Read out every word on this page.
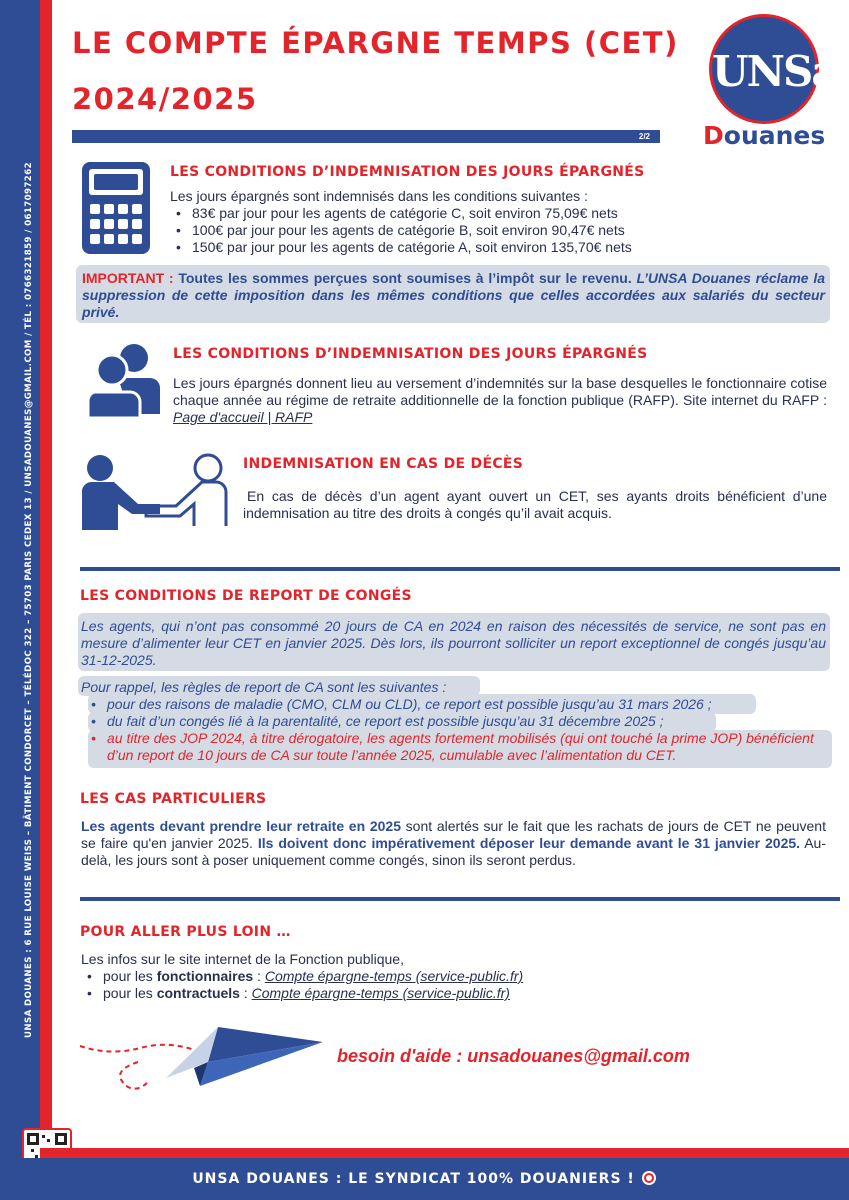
UNSA DOUANES : 6 RUE LOUISE WEISS – BÂTIMENT CONDORCET – TÉLÉDOC 322 – 75703 PARIS CEDEX 13 / UNSADOUANES@GMAIL.COM / TÉL : 0766321859 / 0617097262
LE COMPTE ÉPARGNE TEMPS (CET)
2024/2025
2/2
UNSa
Douanes
LES CONDITIONS D’INDEMNISATION DES JOURS ÉPARGNÉS
Les jours épargnés sont indemnisés dans les conditions suivantes :
• 83€ par jour pour les agents de catégorie C, soit environ 75,09€ nets
• 100€ par jour pour les agents de catégorie B, soit environ 90,47€ nets
• 150€ par jour pour les agents de catégorie A, soit environ 135,70€ nets
IMPORTANT : Toutes les sommes perçues sont soumises à l’impôt sur le revenu. L’UNSA Douanes réclame la suppression de cette imposition dans les mêmes conditions que celles accordées aux salariés du secteur privé.
LES CONDITIONS D’INDEMNISATION DES JOURS ÉPARGNÉS
Les jours épargnés donnent lieu au versement d’indemnités sur la base desquelles le fonctionnaire cotise chaque année au régime de retraite additionnelle de la fonction publique (RAFP). Site internet du RAFP : Page d'accueil | RAFP
INDEMNISATION EN CAS DE DÉCÈS
En cas de décès d’un agent ayant ouvert un CET, ses ayants droits bénéficient d’une indemnisation au titre des droits à congés qu’il avait acquis.
LES CONDITIONS DE REPORT DE CONGÉS
Les agents, qui n’ont pas consommé 20 jours de CA en 2024 en raison des nécessités de service, ne sont pas en mesure d’alimenter leur CET en janvier 2025. Dès lors, ils pourront solliciter un report exceptionnel de congés jusqu’au 31-12-2025.
Pour rappel, les règles de report de CA sont les suivantes :
• pour des raisons de maladie (CMO, CLM ou CLD), ce report est possible jusqu’au 31 mars 2026 ;
• du fait d’un congés lié à la parentalité, ce report est possible jusqu’au 31 décembre 2025 ;
• au titre des JOP 2024, à titre dérogatoire, les agents fortement mobilisés (qui ont touché la prime JOP) bénéficient d’un report de 10 jours de CA sur toute l’année 2025, cumulable avec l’alimentation du CET.
LES CAS PARTICULIERS
Les agents devant prendre leur retraite en 2025 sont alertés sur le fait que les rachats de jours de CET ne peuvent se faire qu'en janvier 2025. Ils doivent donc impérativement déposer leur demande avant le 31 janvier 2025. Au-delà, les jours sont à poser uniquement comme congés, sinon ils seront perdus.
POUR ALLER PLUS LOIN …
Les infos sur le site internet de la Fonction publique,
• pour les fonctionnaires : Compte épargne-temps (service-public.fr)
• pour les contractuels : Compte épargne-temps (service-public.fr)
besoin d'aide : unsadouanes@gmail.com
UNSA DOUANES : LE SYNDICAT 100% DOUANIERS !
